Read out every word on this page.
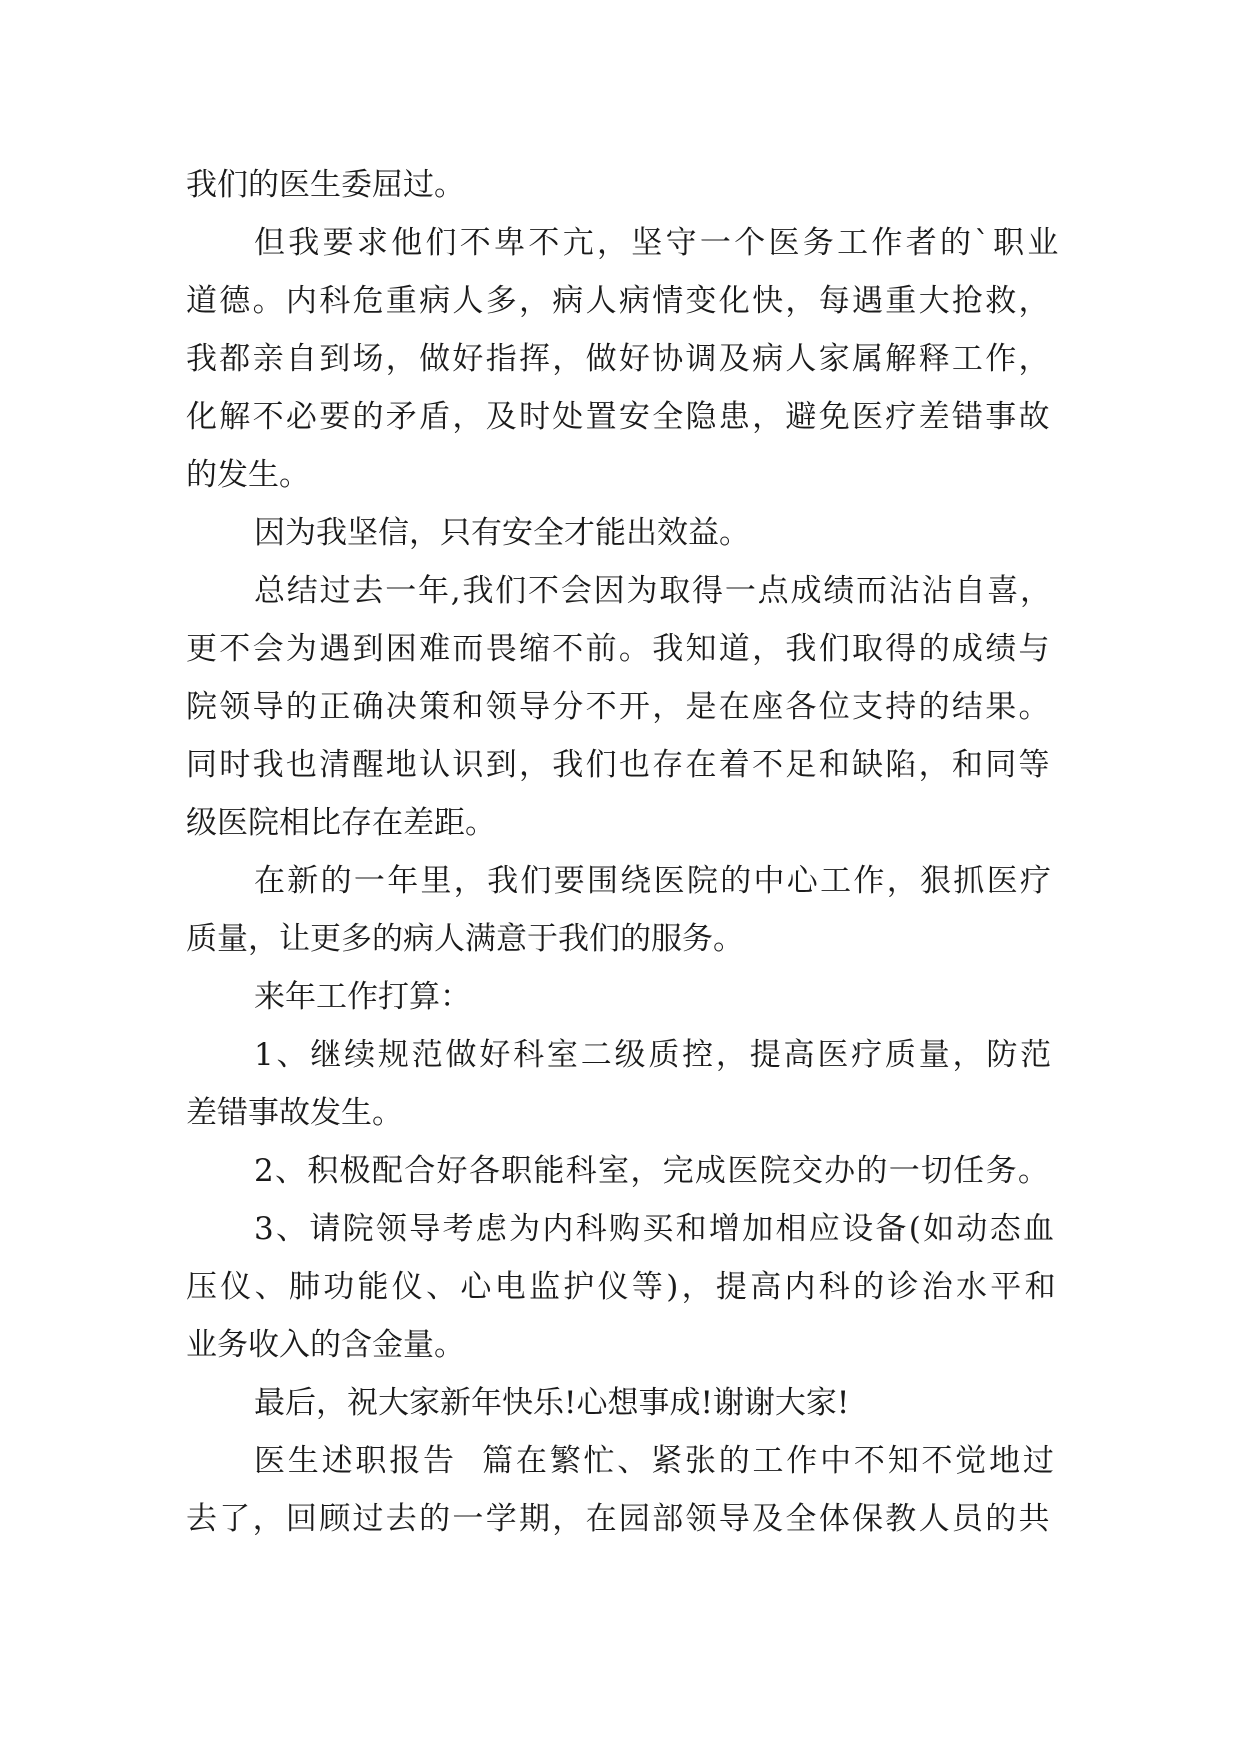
我们的医生委屈过。

但我要求他们不卑不亢，坚守一个医务工作者的`职业

道德。内科危重病人多，病人病情变化快，每遇重大抢救，

我都亲自到场，做好指挥，做好协调及病人家属解释工作，

化解不必要的矛盾，及时处置安全隐患，避免医疗差错事故

的发生。

因为我坚信，只有安全才能出效益。

总结过去一年,我们不会因为取得一点成绩而沾沾自喜，

更不会为遇到困难而畏缩不前。我知道，我们取得的成绩与

院领导的正确决策和领导分不开，是在座各位支持的结果。

同时我也清醒地认识到，我们也存在着不足和缺陷，和同等

级医院相比存在差距。

在新的一年里，我们要围绕医院的中心工作，狠抓医疗

质量，让更多的病人满意于我们的服务。

来年工作打算：

1、继续规范做好科室二级质控，提高医疗质量，防范

差错事故发生。

2、积极配合好各职能科室，完成医院交办的一切任务。

3、请院领导考虑为内科购买和增加相应设备(如动态血

压仪、肺功能仪、心电监护仪等)，提高内科的诊治水平和

业务收入的含金量。

最后，祝大家新年快乐!心想事成!谢谢大家!

医生述职报告  篇在繁忙、紧张的工作中不知不觉地过

去了，回顾过去的一学期，在园部领导及全体保教人员的共
